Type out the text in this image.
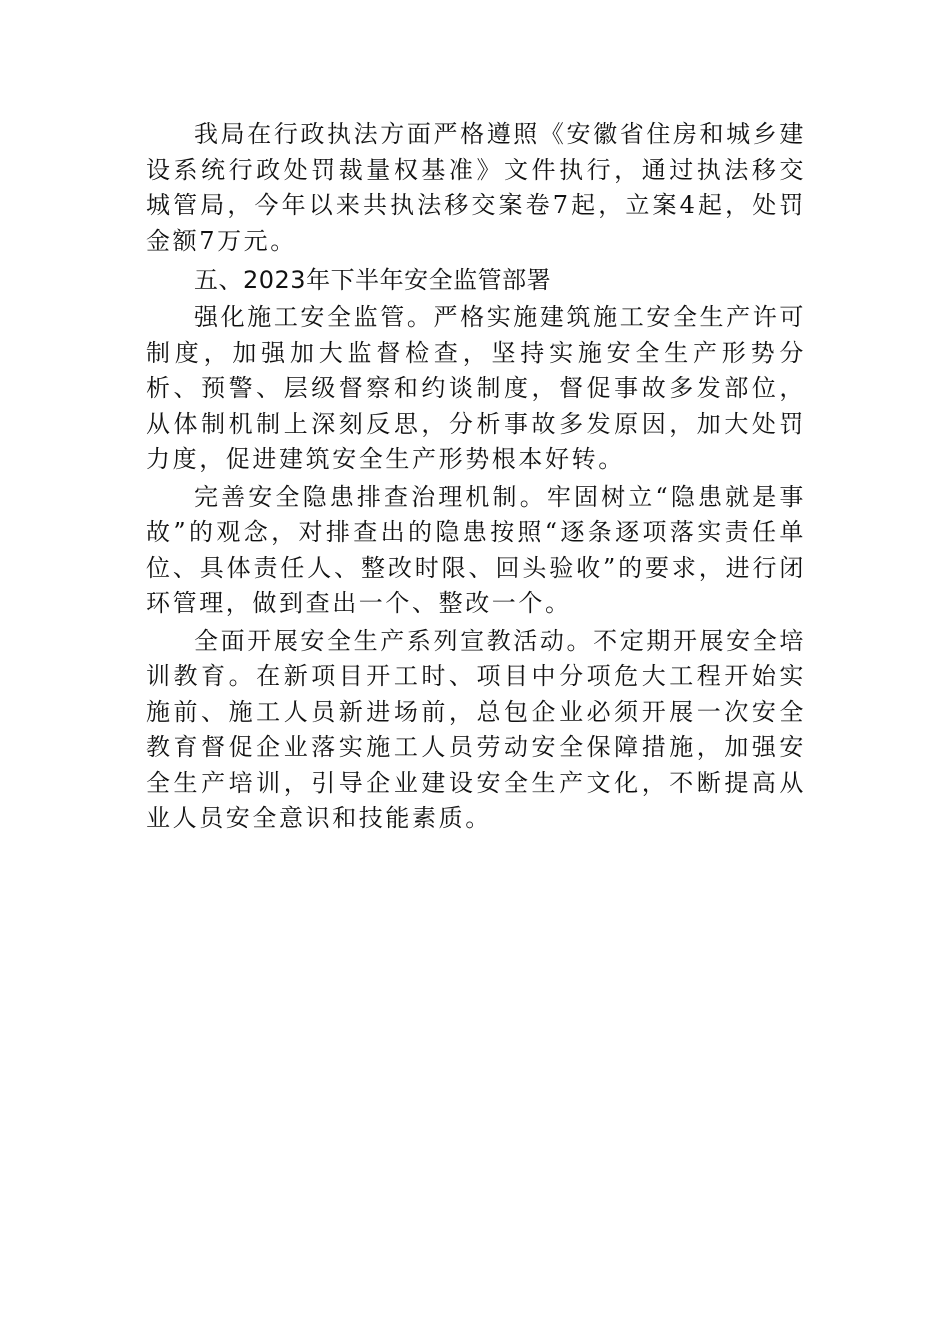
我局在行政执法方面严格遵照《安徽省住房和城乡建设系统行政处罚裁量权基准》文件执行，通过执法移交城管局，今年以来共执法移交案卷7起，立案4起，处罚金额7万元。

五、2023年下半年安全监管部署

强化施工安全监管。严格实施建筑施工安全生产许可制度，加强加大监督检查，坚持实施安全生产形势分析、预警、层级督察和约谈制度，督促事故多发部位，从体制机制上深刻反思，分析事故多发原因，加大处罚力度，促进建筑安全生产形势根本好转。

完善安全隐患排查治理机制。牢固树立“隐患就是事故”的观念，对排查出的隐患按照“逐条逐项落实责任单位、具体责任人、整改时限、回头验收”的要求，进行闭环管理，做到查出一个、整改一个。

全面开展安全生产系列宣教活动。不定期开展安全培训教育。在新项目开工时、项目中分项危大工程开始实施前、施工人员新进场前，总包企业必须开展一次安全教育督促企业落实施工人员劳动安全保障措施，加强安全生产培训，引导企业建设安全生产文化，不断提高从业人员安全意识和技能素质。
